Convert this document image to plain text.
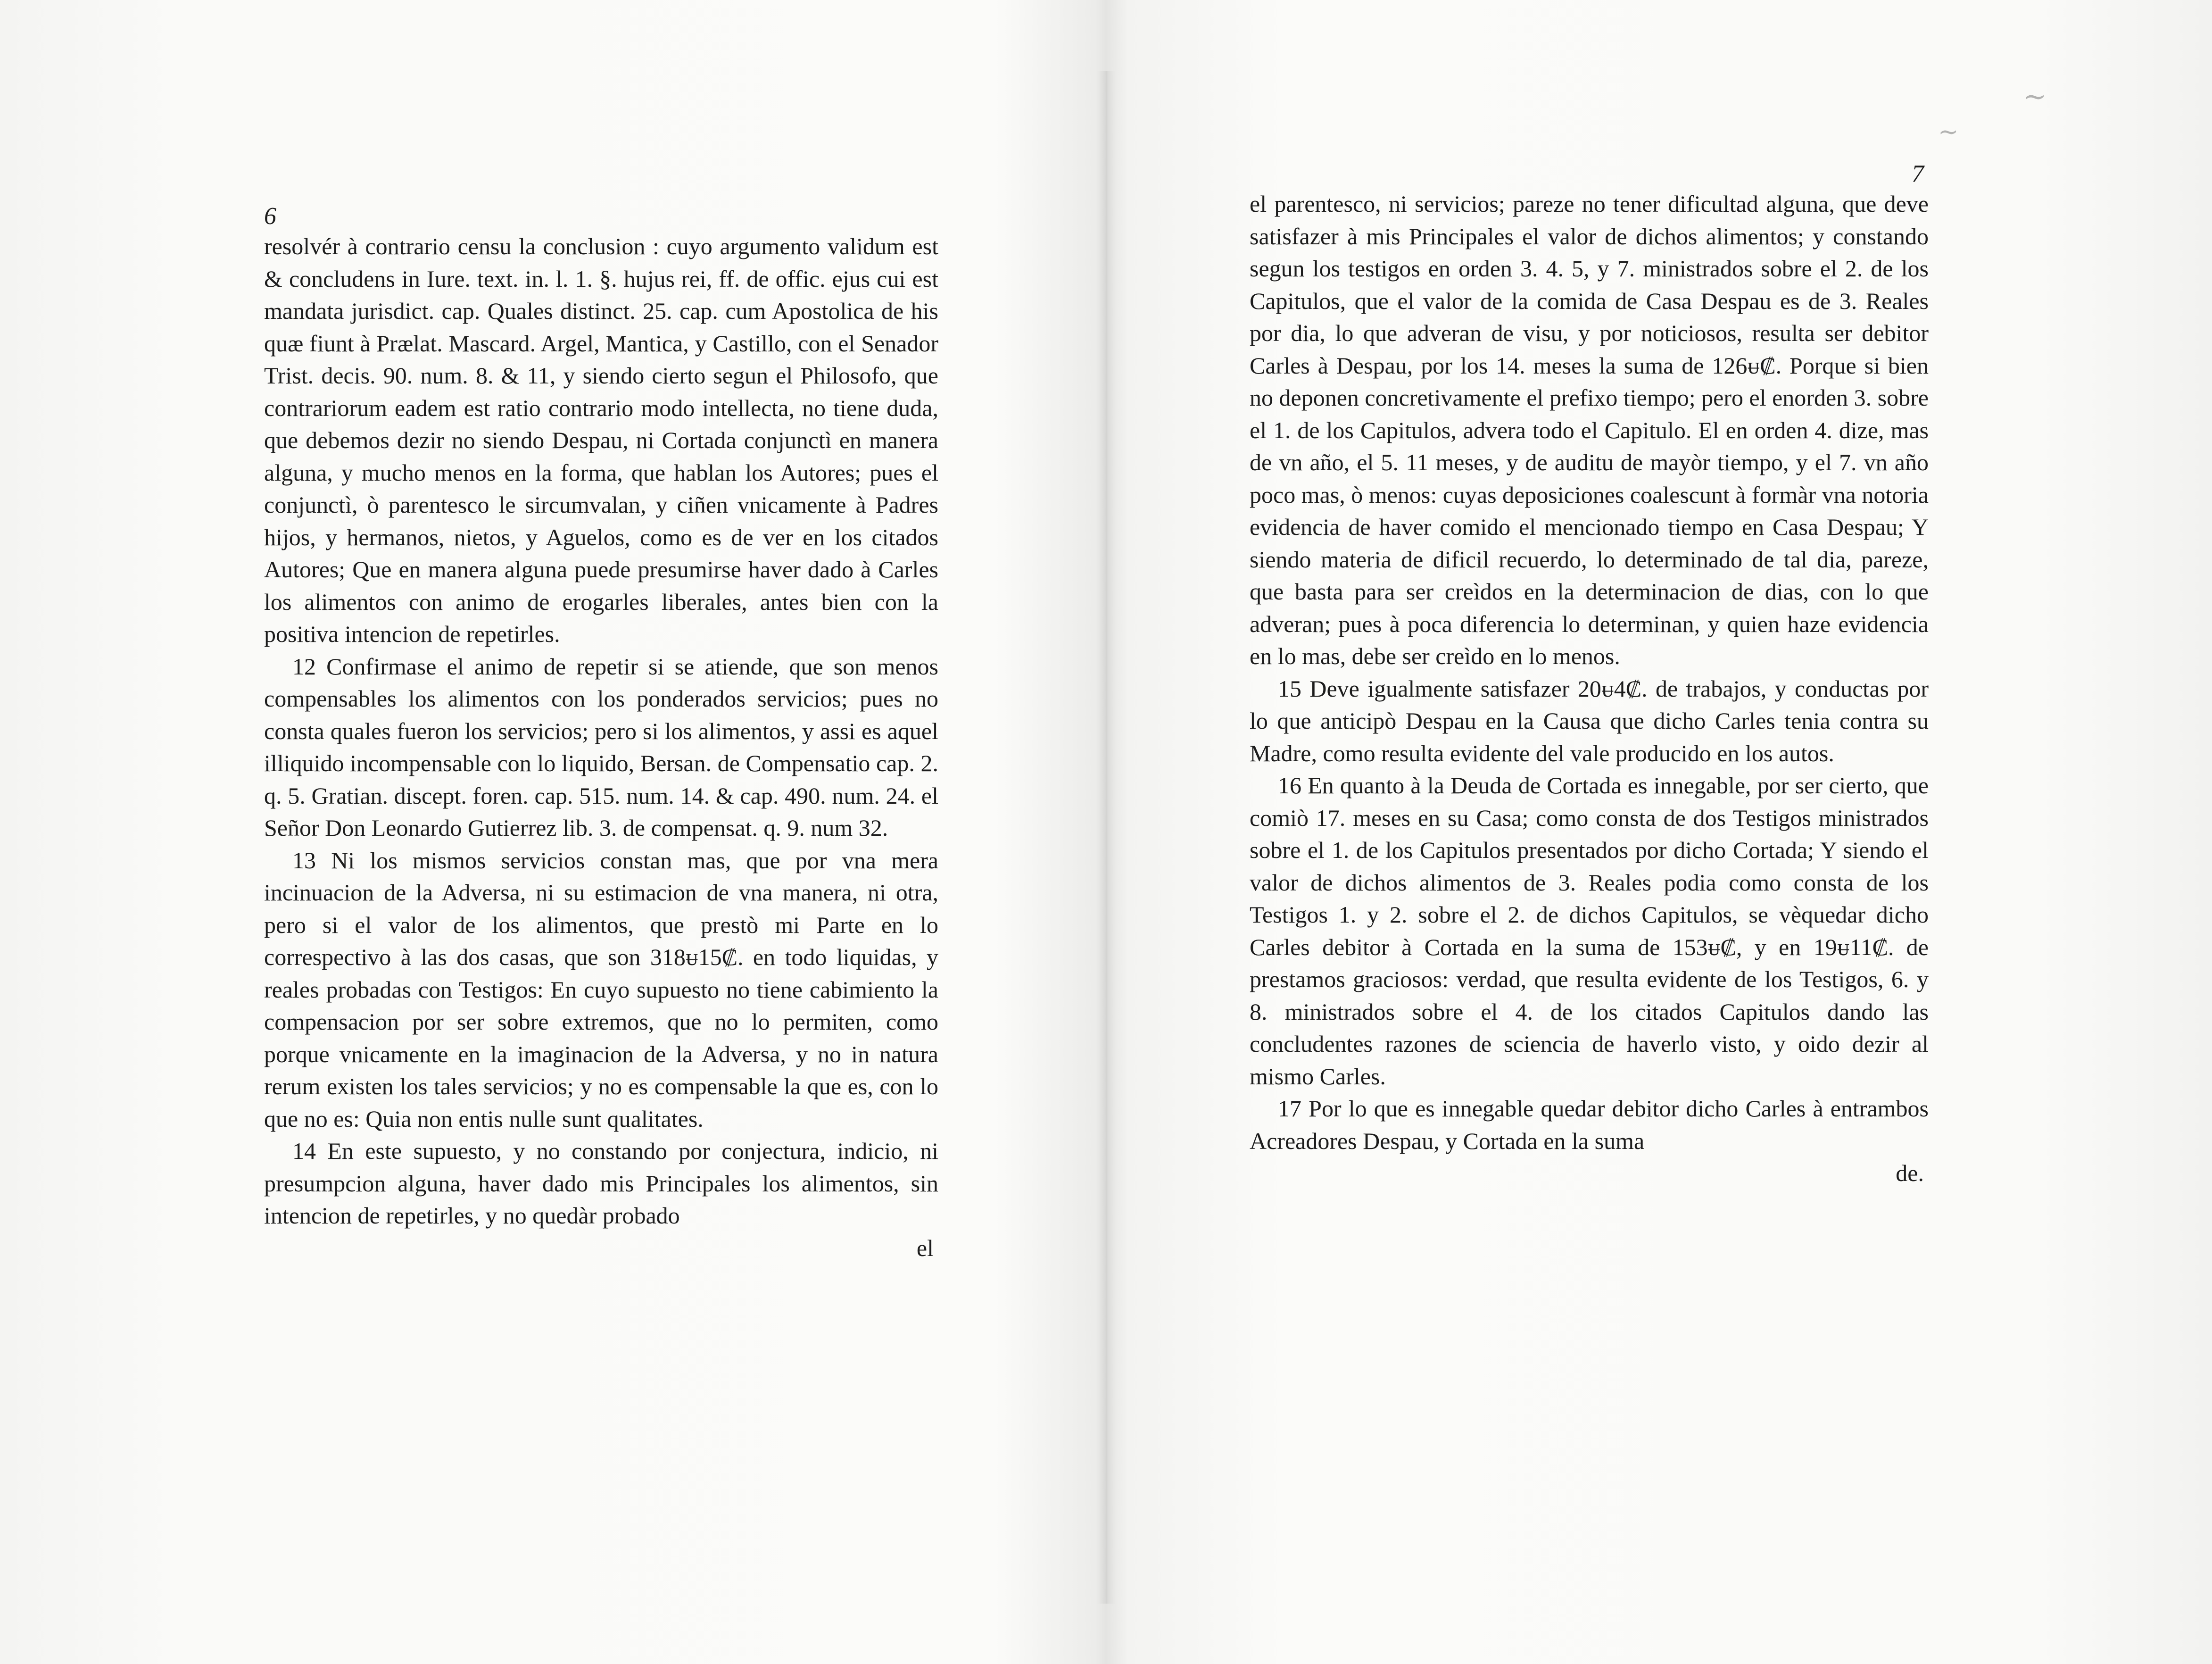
~
~
6

resolvér à contrario censu la conclusion : cuyo argumento validum est & concludens in Iure. text. in. l. 1. §. hujus rei, ff. de offic. ejus cui est mandata jurisdict. cap. Quales distinct. 25. cap. cum Apostolica de his quæ fiunt à Prælat. Mascard. Argel, Mantica, y Castillo, con el Senador Trist. decis. 90. num. 8. & 11, y siendo cierto segun el Philosofo, que contrariorum eadem est ratio contrario modo intellecta, no tiene duda, que debemos dezir no siendo Despau, ni Cortada conjunctì en manera alguna, y mucho menos en la forma, que hablan los Autores; pues el conjunctì, ò parentesco le sircumvalan, y ciñen vnicamente à Padres hijos, y hermanos, nietos, y Aguelos, como es de ver en los citados Autores; Que en manera alguna puede presumirse haver dado à Carles los alimentos con animo de erogarles liberales, antes bien con la positiva intencion de repetirles.

12 Confirmase el animo de repetir si se atiende, que son menos compensables los alimentos con los ponderados servicios; pues no consta quales fueron los servicios; pero si los alimentos, y assi es aquel illiquido incompensable con lo liquido, Bersan. de Compensatio cap. 2. q. 5. Gratian. discept. foren. cap. 515. num. 14. & cap. 490. num. 24. el Señor Don Leonardo Gutierrez lib. 3. de compensat. q. 9. num 32.

13 Ni los mismos servicios constan mas, que por vna mera incinuacion de la Adversa, ni su estimacion de vna manera, ni otra, pero si el valor de los alimentos, que prestò mi Parte en lo correspectivo à las dos casas, que son 318ᵾ15₡. en todo liquidas, y reales probadas con Testigos: En cuyo supuesto no tiene cabimiento la compensacion por ser sobre extremos, que no lo permiten, como porque vnicamente en la imaginacion de la Adversa, y no in natura rerum existen los tales servicios; y no es compensable la que es, con lo que no es: Quia non entis nulle sunt qualitates.

14 En este supuesto, y no constando por conjectura, indicio, ni presumpcion alguna, haver dado mis Principales los alimentos, sin intencion de repetirles, y no quedàr probado

el
7

el parentesco, ni servicios; pareze no tener dificultad alguna, que deve satisfazer à mis Principales el valor de dichos alimentos; y constando segun los testigos en orden 3. 4. 5, y 7. ministrados sobre el 2. de los Capitulos, que el valor de la comida de Casa Despau es de 3. Reales por dia, lo que adveran de visu, y por noticiosos, resulta ser debitor Carles à Despau, por los 14. meses la suma de 126ᵾ₡. Porque si bien no deponen concretivamente el prefixo tiempo; pero el enorden 3. sobre el 1. de los Capitulos, advera todo el Capitulo. El en orden 4. dize, mas de vn año, el 5. 11 meses, y de auditu de mayòr tiempo, y el 7. vn año poco mas, ò menos: cuyas deposiciones coalescunt à formàr vna notoria evidencia de haver comido el mencionado tiempo en Casa Despau; Y siendo materia de dificil recuerdo, lo determinado de tal dia, pareze, que basta para ser creìdos en la determinacion de dias, con lo que adveran; pues à poca diferencia lo determinan, y quien haze evidencia en lo mas, debe ser creìdo en lo menos.

15 Deve igualmente satisfazer 20ᵾ4₡. de trabajos, y conductas por lo que anticipò Despau en la Causa que dicho Carles tenia contra su Madre, como resulta evidente del vale producido en los autos.

16 En quanto à la Deuda de Cortada es innegable, por ser cierto, que comiò 17. meses en su Casa; como consta de dos Testigos ministrados sobre el 1. de los Capitulos presentados por dicho Cortada; Y siendo el valor de dichos alimentos de 3. Reales podia como consta de los Testigos 1. y 2. sobre el 2. de dichos Capitulos, se vèquedar dicho Carles debitor à Cortada en la suma de 153ᵾ₡, y en 19ᵾ11₡. de prestamos graciosos: verdad, que resulta evidente de los Testigos, 6. y 8. ministrados sobre el 4. de los citados Capitulos dando las concludentes razones de sciencia de haverlo visto, y oido dezir al mismo Carles.

17 Por lo que es innegable quedar debitor dicho Carles à entrambos Acreadores Despau, y Cortada en la suma

de.
